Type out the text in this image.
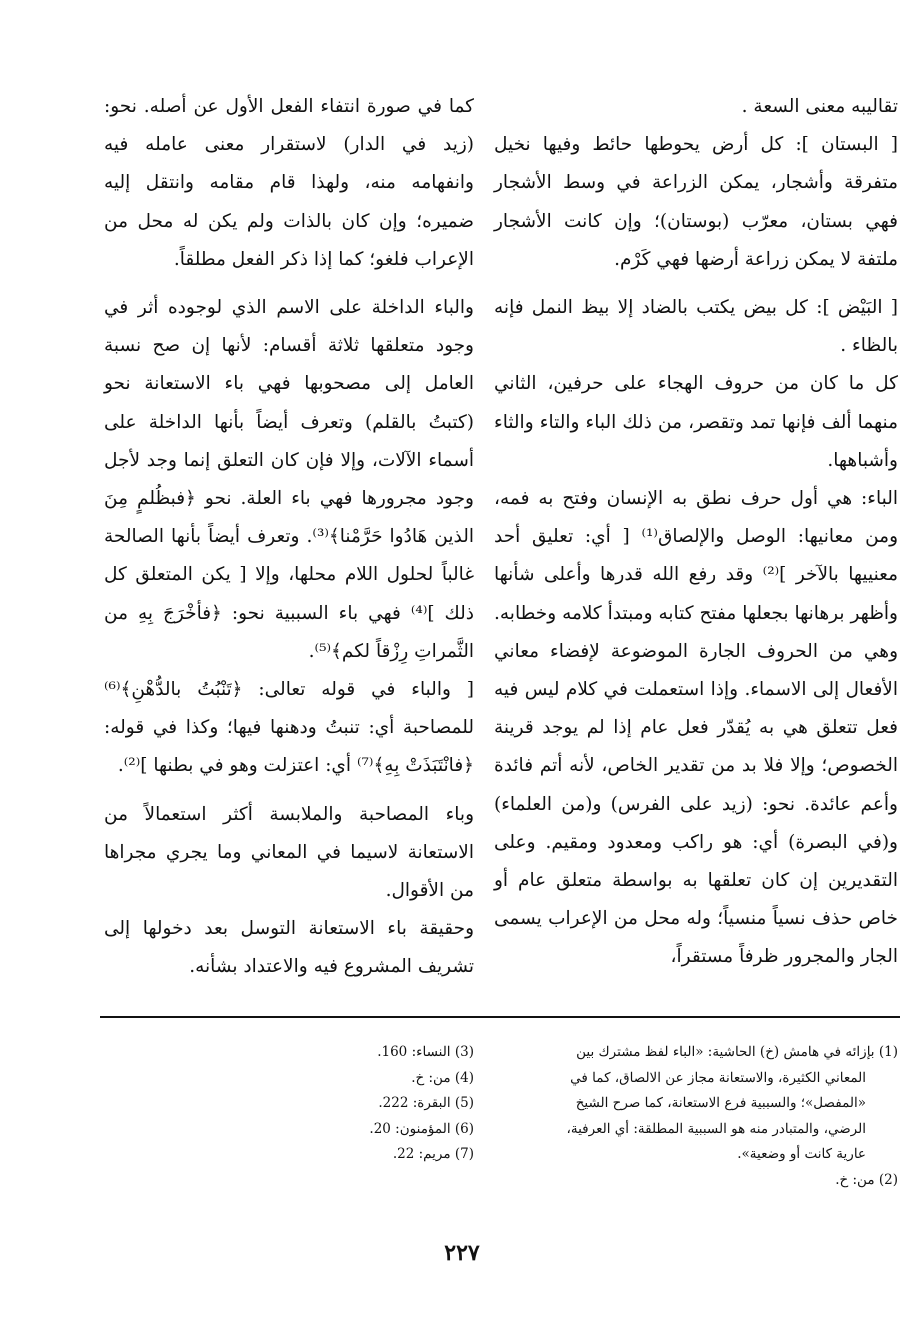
تقاليبه معنى السعة .

[ البستان ]: كل أرض يحوطها حائط وفيها نخيل متفرقة وأشجار، يمكن الزراعة في وسط الأشجار فهي بستان، معرّب (بوستان)؛ وإن كانت الأشجار ملتفة لا يمكن زراعة أرضها فهي كَرْم.

[ البَيْض ]: كل بيض يكتب بالضاد إلا بيظ النمل فإنه بالظاء .

كل ما كان من حروف الهجاء على حرفين، الثاني منهما ألف فإنها تمد وتقصر، من ذلك الباء والتاء والثاء وأشباهها.

الباء: هي أول حرف نطق به الإنسان وفتح به فمه، ومن معانيها: الوصل والإلصاق⁽¹⁾ [ أي: تعليق أحد معنييها بالآخر ]⁽²⁾ وقد رفع الله قدرها وأعلى شأنها وأظهر برهانها بجعلها مفتح كتابه ومبتدأ كلامه وخطابه. وهي من الحروف الجارة الموضوعة لإفضاء معاني الأفعال إلى الاسماء. وإذا استعملت في كلام ليس فيه فعل تتعلق هي به يُقدّر فعل عام إذا لم يوجد قرينة الخصوص؛ وإلا فلا بد من تقدير الخاص، لأنه أتم فائدة وأعم عائدة. نحو: (زيد على الفرس) و(من العلماء) و(في البصرة) أي: هو راكب ومعدود ومقيم. وعلى التقديرين إن كان تعلقها به بواسطة متعلق عام أو خاص حذف نسياً منسياً؛ وله محل من الإعراب يسمى الجار والمجرور ظرفاً مستقراً،

كما في صورة انتفاء الفعل الأول عن أصله. نحو: (زيد في الدار) لاستقرار معنى عامله فيه وانفهامه منه، ولهذا قام مقامه وانتقل إليه ضميره؛ وإن كان بالذات ولم يكن له محل من الإعراب فلغو؛ كما إذا ذكر الفعل مطلقاً.

والباء الداخلة على الاسم الذي لوجوده أثر في وجود متعلقها ثلاثة أقسام: لأنها إن صح نسبة العامل إلى مصحوبها فهي باء الاستعانة نحو (كتبتُ بالقلم) وتعرف أيضاً بأنها الداخلة على أسماء الآلات، وإلا فإن كان التعلق إنما وجد لأجل وجود مجرورها فهي باء العلة. نحو ﴿فبظُلمٍ مِنَ الذين هَادُوا حَرَّمْنا﴾⁽³⁾. وتعرف أيضاً بأنها الصالحة غالباً لحلول اللام محلها، وإلا [ يكن المتعلق كل ذلك ]⁽⁴⁾ فهي باء السببية نحو: ﴿فأخْرَجَ بِهِ من الثَّمراتِ رِزْقاً لكم﴾⁽⁵⁾.

[ والباء في قوله تعالى: ﴿تَنْبُتُ بالدُّهْنِ﴾⁽⁶⁾ للمصاحبة أي: تنبتُ ودهنها فيها؛ وكذا في قوله: ﴿فانْتَبَذَتْ بِهِ﴾⁽⁷⁾ أي: اعتزلت وهو في بطنها ]⁽²⁾.

وباء المصاحبة والملابسة أكثر استعمالاً من الاستعانة لاسيما في المعاني وما يجري مجراها من الأقوال.

وحقيقة باء الاستعانة التوسل بعد دخولها إلى تشريف المشروع فيه والاعتداد بشأنه.

(1) بإزائه في هامش (خ) الحاشية: «الباء لفظ مشترك بين
المعاني الكثيرة، والاستعانة مجاز عن الالصاق، كما في
«المفصل»؛ والسببية فرع الاستعانة، كما صرح الشيخ
الرضي، والمتبادر منه هو السببية المطلقة: أي العرفية،
عارية كانت أو وضعية».
(2) من: خ.
(3) النساء: 160.
(4) من: خ.
(5) البقرة: 222.
(6) المؤمنون: 20.
(7) مريم: 22.
٢٢٧
